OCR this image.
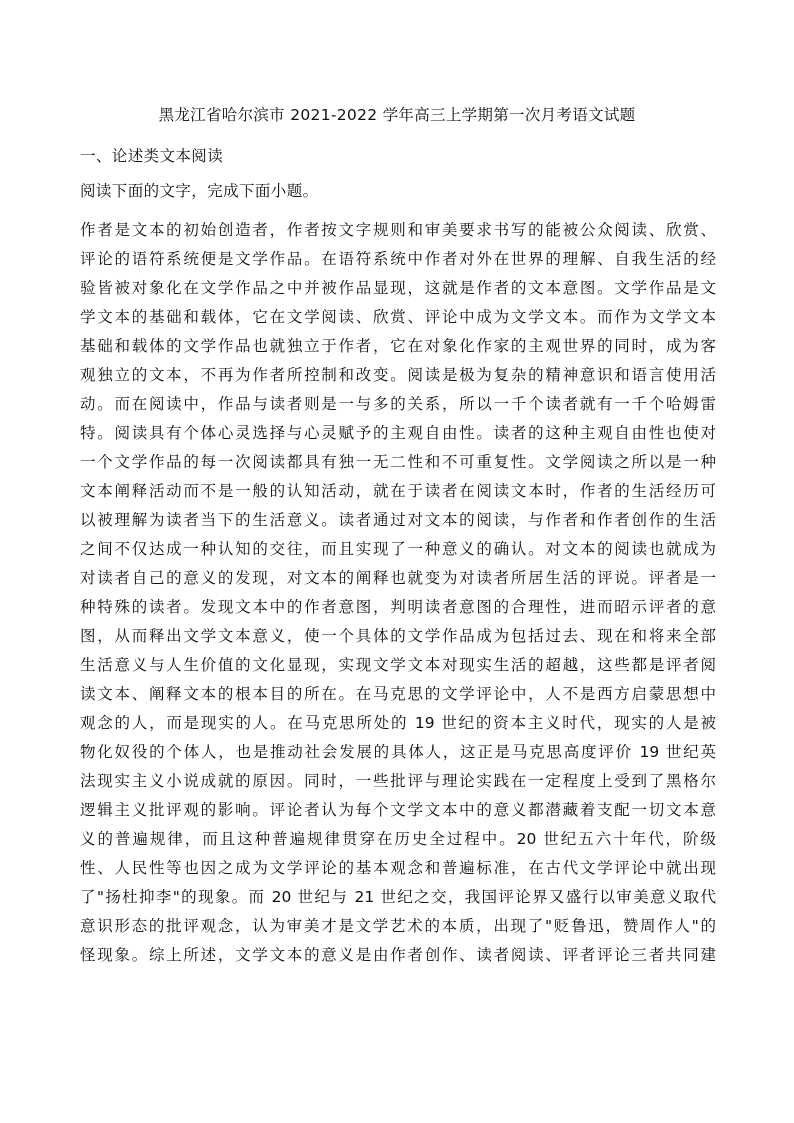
黑龙江省哈尔滨市 2021-2022 学年高三上学期第一次月考语文试题
一、论述类文本阅读
阅读下面的文字，完成下面小题。
作者是文本的初始创造者，作者按文字规则和审美要求书写的能被公众阅读、欣赏、
评论的语符系统便是文学作品。在语符系统中作者对外在世界的理解、自我生活的经
验皆被对象化在文学作品之中并被作品显现，这就是作者的文本意图。文学作品是文
学文本的基础和载体，它在文学阅读、欣赏、评论中成为文学文本。而作为文学文本
基础和载体的文学作品也就独立于作者，它在对象化作家的主观世界的同时，成为客
观独立的文本，不再为作者所控制和改变。阅读是极为复杂的精神意识和语言使用活
动。而在阅读中，作品与读者则是一与多的关系，所以一千个读者就有一千个哈姆雷
特。阅读具有个体心灵选择与心灵赋予的主观自由性。读者的这种主观自由性也使对
一个文学作品的每一次阅读都具有独一无二性和不可重复性。文学阅读之所以是一种
文本阐释活动而不是一般的认知活动，就在于读者在阅读文本时，作者的生活经历可
以被理解为读者当下的生活意义。读者通过对文本的阅读，与作者和作者创作的生活
之间不仅达成一种认知的交往，而且实现了一种意义的确认。对文本的阅读也就成为
对读者自己的意义的发现，对文本的阐释也就变为对读者所居生活的评说。评者是一
种特殊的读者。发现文本中的作者意图，判明读者意图的合理性，进而昭示评者的意
图，从而释出文学文本意义，使一个具体的文学作品成为包括过去、现在和将来全部
生活意义与人生价值的文化显现，实现文学文本对现实生活的超越，这些都是评者阅
读文本、阐释文本的根本目的所在。在马克思的文学评论中，人不是西方启蒙思想中
观念的人，而是现实的人。在马克思所处的 19 世纪的资本主义时代，现实的人是被
物化奴役的个体人，也是推动社会发展的具体人，这正是马克思高度评价 19 世纪英
法现实主义小说成就的原因。同时，一些批评与理论实践在一定程度上受到了黑格尔
逻辑主义批评观的影响。评论者认为每个文学文本中的意义都潜藏着支配一切文本意
义的普遍规律，而且这种普遍规律贯穿在历史全过程中。20 世纪五六十年代，阶级
性、人民性等也因之成为文学评论的基本观念和普遍标准，在古代文学评论中就出现
了"扬杜抑李"的现象。而 20 世纪与 21 世纪之交，我国评论界又盛行以审美意义取代
意识形态的批评观念，认为审美才是文学艺术的本质，出现了"贬鲁迅，赞周作人"的
怪现象。综上所述，文学文本的意义是由作者创作、读者阅读、评者评论三者共同建
